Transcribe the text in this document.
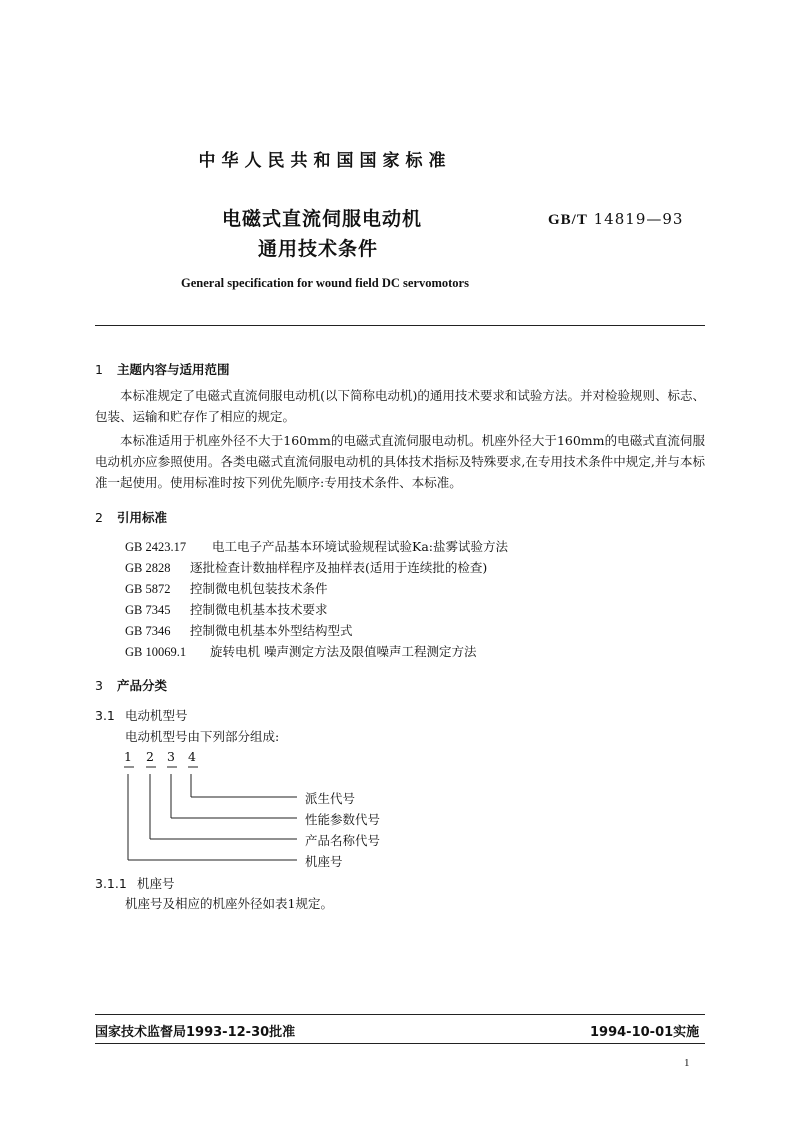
中华人民共和国国家标准
电磁式直流伺服电动机
通用技术条件
GB/T 14819—93
General specification for wound field DC servomotors
1 主题内容与适用范围
本标准规定了电磁式直流伺服电动机(以下简称电动机)的通用技术要求和试验方法。并对检验规则、标志、包装、运输和贮存作了相应的规定。
本标准适用于机座外径不大于160mm的电磁式直流伺服电动机。机座外径大于160mm的电磁式直流伺服电动机亦应参照使用。各类电磁式直流伺服电动机的具体技术指标及特殊要求,在专用技术条件中规定,并与本标准一起使用。使用标准时按下列优先顺序:专用技术条件、本标准。
2 引用标准
GB 2423.17 电工电子产品基本环境试验规程试验Ka:盐雾试验方法
GB 2828 逐批检查计数抽样程序及抽样表(适用于连续批的检查)
GB 5872 控制微电机包装技术条件
GB 7345 控制微电机基本技术要求
GB 7346 控制微电机基本外型结构型式
GB 10069.1 旋转电机 噪声测定方法及限值噪声工程测定方法
3 产品分类
3.1 电动机型号
电动机型号由下列部分组成:
1 2 3 4
派生代号
性能参数代号
产品名称代号
机座号
3.1.1 机座号
机座号及相应的机座外径如表1规定。
国家技术监督局1993-12-30批准	1994-10-01实施
1
